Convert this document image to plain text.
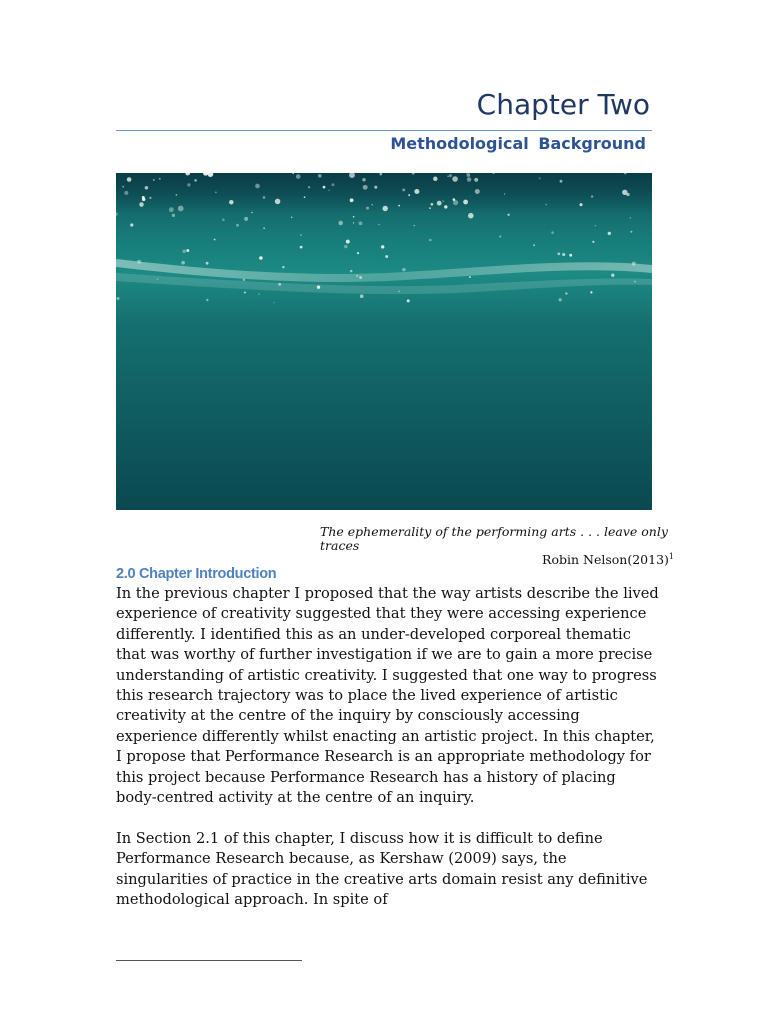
Chapter Two
Methodological Background
The ephemerality of the performing arts . . . leave only traces
Robin $Nelson(2013)^1$
2.0 Chapter Introduction

In the previous chapter I proposed that the way artists describe the lived experience of creativity suggested that they were accessing experience differently. I identified this as an under-developed corporeal thematic that was worthy of further investigation if we are to gain a more precise understanding of artistic creativity. I suggested that one way to progress this research trajectory was to place the lived experience of artistic creativity at the centre of the inquiry by consciously accessing experience differently whilst enacting an artistic project. In this chapter, I propose that Performance Research is an appropriate methodology for this project because Performance Research has a history of placing body-centred activity at the centre of an inquiry.

In Section 2.1 of this chapter, I discuss how it is difficult to define Performance Research because, as Kershaw (2009) says, the singularities of practice in the creative arts domain resist any definitive methodological approach. In spite of
